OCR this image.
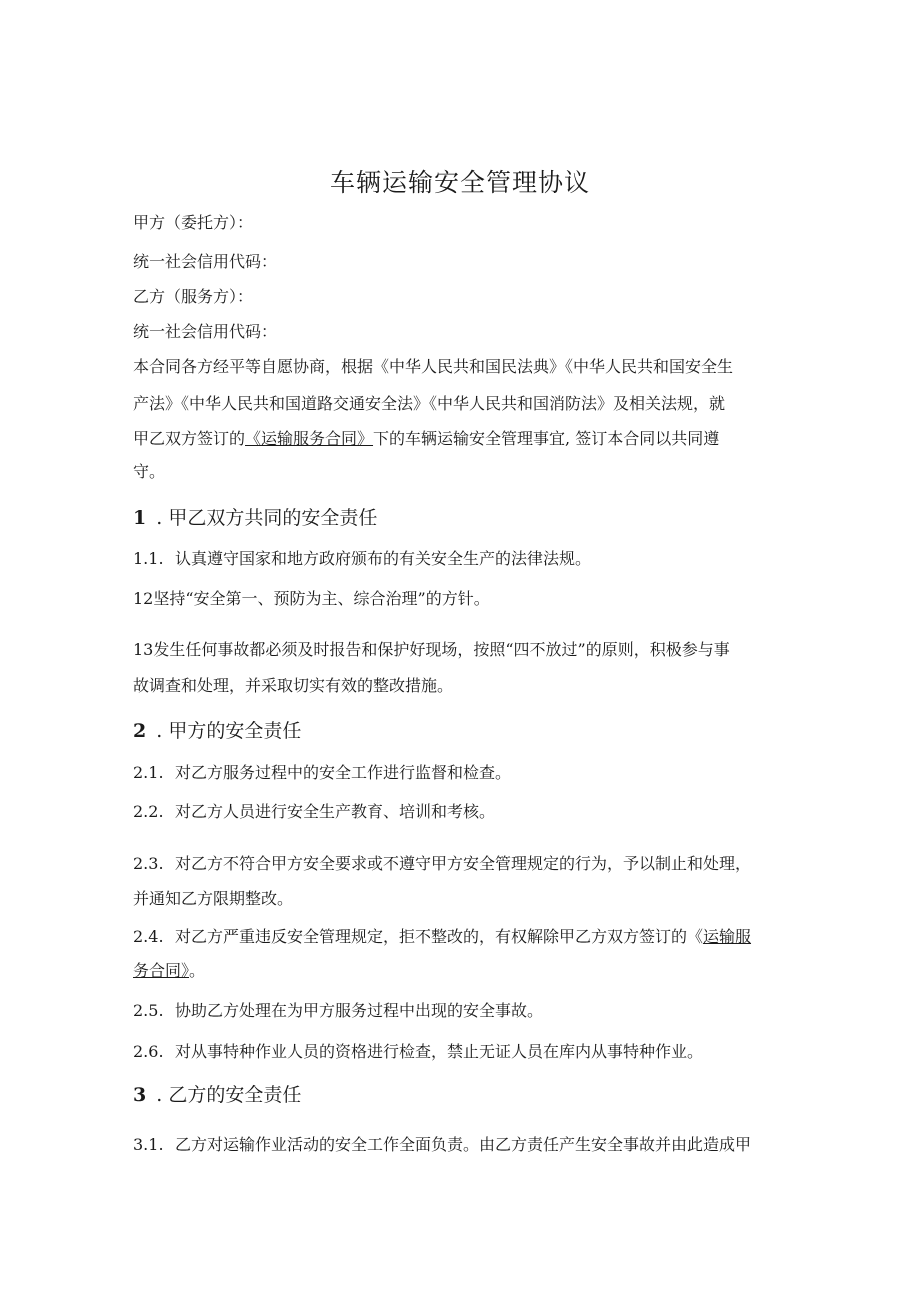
车辆运输安全管理协议
甲方（委托方）：
统一社会信用代码：
乙方（服务方）：
统一社会信用代码：
本合同各方经平等自愿协商，根据《中华人民共和国民法典》《中华人民共和国安全生
产法》《中华人民共和国道路交通安全法》《中华人民共和国消防法》及相关法规，就
甲乙双方签订的《运输服务合同》下的车辆运输安全管理事宜, 签订本合同以共同遵
守。
1 . 甲乙双方共同的安全责任
1.1. 认真遵守国家和地方政府颁布的有关安全生产的法律法规。
12坚持“安全第一、预防为主、综合治理”的方针。
13发生任何事故都必须及时报告和保护好现场，按照“四不放过”的原则，积极参与事
故调查和处理，并采取切实有效的整改措施。
2 . 甲方的安全责任
2.1. 对乙方服务过程中的安全工作进行监督和检查。
2.2. 对乙方人员进行安全生产教育、培训和考核。
2.3. 对乙方不符合甲方安全要求或不遵守甲方安全管理规定的行为，予以制止和处理，
并通知乙方限期整改。
2.4. 对乙方严重违反安全管理规定，拒不整改的，有权解除甲乙方双方签订的《运输服
务合同》。
2.5. 协助乙方处理在为甲方服务过程中出现的安全事故。
2.6. 对从事特种作业人员的资格进行检查，禁止无证人员在库内从事特种作业。
3 . 乙方的安全责任
3.1. 乙方对运输作业活动的安全工作全面负责。由乙方责任产生安全事故并由此造成甲
